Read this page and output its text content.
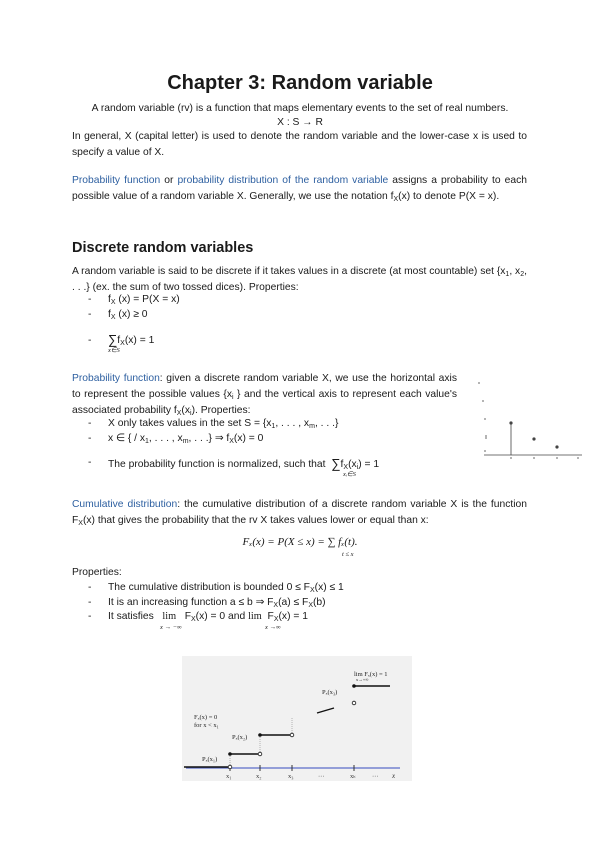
Chapter 3: Random variable
A random variable (rv) is a function that maps elementary events to the set of real numbers.
X : S → R
In general, X (capital letter) is used to denote the random variable and the lower-case x is used to specify a value of X.
Probability function or probability distribution of the random variable assigns a probability to each possible value of a random variable X. Generally, we use the notation $f_X(x)$ to denote P(X = x).
Discrete random variables
A random variable is said to be discrete if it takes values in a discrete (at most countable) set {$x_1$, $x_2$, . . .} (ex. the sum of two tossed dices). Properties:
- $f_X$ (x) = P(X = x)
- $f_X$ (x) ≥ 0
- $\sum f_X(x) = 1$
x∈S
Probability function: given a discrete random variable X, we use the horizontal axis to represent the possible values {$x_i$ } and the vertical axis to represent each value's associated probability $f_X(x_i)$. Properties:
- X only takes values in the set $S = \{x_1$, . . . , $x_m$, . . .}
- x ∈ { / $x_1$, . . . , $x_m$, . . .} ⇒ $f_X(x) = 0$
- The probability function is normalized, such that $\sum f_X(x_i) = 1$
xᵢ∈S
Cumulative distribution: the cumulative distribution of a discrete random variable X is the function $F_X(x)$ that gives the probability that the rv X takes values lower or equal than x:
Fₓ(x) = P(X ≤ x) = ∑ fₓ(t).
t ≤ x
Properties:
- The cumulative distribution is bounded $0 \le F_X(x) \le 1$
- It is an increasing function a ≤ b ⇒ $F_X(a) \le F_X(b)$
- It satisfies $\lim F_X(x) = 0$ and $\lim F_X(x) = 1$
x → −∞	x →∞
x
x₁	x₂	x₃	···	xₖ ···
lim Fₓ(x) = 1
x→+∞
Pₓ(x₃)
Fₓ(x) = 0
for x < x₁
Pₓ(x₂)
Pₓ(x₁)
